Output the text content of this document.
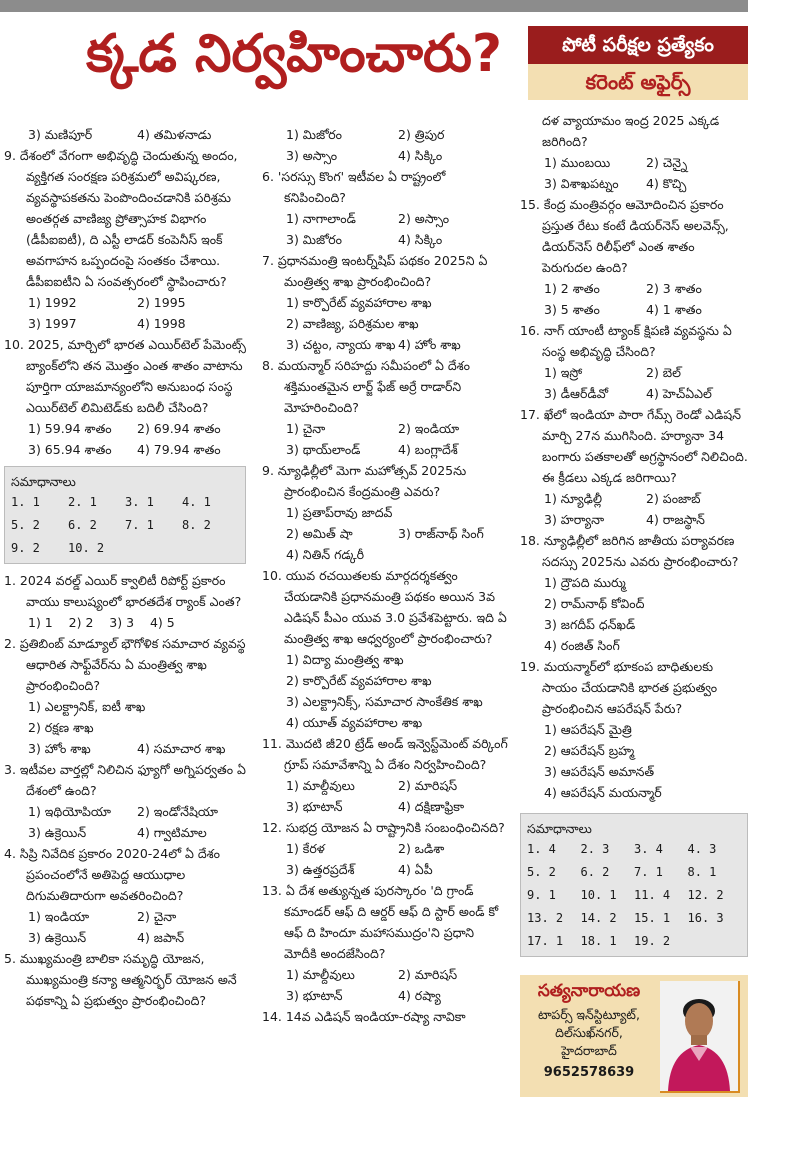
క్కడ నిర్వహించారు?	పోటీ పరీక్షల ప్రత్యేకం
కరెంట్ అఫైర్స్
3) మణిపూర్	4) తమిళనాడు
9. దేశంలో వేగంగా అభివృద్ధి చెందుతున్న అందం, వ్యక్తిగత సంరక్షణ పరిశ్రమలో అవిష్కరణ, వ్యవస్థాపకతను పెంపొందించడానికి పరిశ్రమ అంతర్గత వాణిజ్య ప్రోత్సాహక విభాగం (డీపీఐఐటీ), ది ఎస్టీ లాడర్ కంపెనీస్ ఇంక్ అవగాహన ఒప్పందంపై సంతకం చేశాయి. డీపీఐఐటీని ఏ సంవత్సరంలో స్థాపించారు?
1) 1992	2) 1995
3) 1997	4) 1998
10. 2025, మార్చిలో భారత ఎయిర్‌టెల్ పేమెంట్స్ బ్యాంక్‌లోని తన మొత్తం ఎంత శాతం వాటాను పూర్తిగా యాజమాన్యంలోని అనుబంధ సంస్థ ఎయిర్‌టెల్ లిమిటెడ్‌కు బదిలీ చేసింది?
1) 59.94 శాతం	2) 69.94 శాతం
3) 65.94 శాతం	4) 79.94 శాతం
సమాధానాలు
1. 1	2. 1	3. 1	4. 1
5. 2	6. 2	7. 1	8. 2
9. 2	10. 2
1. 2024 వరల్డ్ ఎయిర్ క్వాలిటీ రిపోర్ట్ ప్రకారం వాయు కాలుష్యంలో భారతదేశ ర్యాంక్ ఎంత?
1) 1    2) 2    3) 3    4) 5
2. ప్రతిబింబ్ మాడ్యూల్ భౌగోళిక సమాచార వ్యవస్థ ఆధారిత సాఫ్ట్‌వేర్‌ను ఏ మంత్రిత్వ శాఖ ప్రారంభించింది?
1) ఎలక్ట్రానిక్, ఐటీ శాఖ
2) రక్షణ శాఖ
3) హోం శాఖ	4) సమాచార శాఖ
3. ఇటీవల వార్తల్లో నిలిచిన ఫ్యూగో అగ్నిపర్వతం ఏ దేశంలో ఉంది?
1) ఇథియోపియా	2) ఇండోనేషియా
3) ఉక్రెయిన్	4) గ్వాటిమాల
4. సిప్రి నివేదిక ప్రకారం 2020-24లో ఏ దేశం ప్రపంచంలోనే అతిపెద్ద ఆయుధాల దిగుమతిదారుగా అవతరించింది?
1) ఇండియా	2) చైనా
3) ఉక్రెయిన్	4) జపాన్
5. ముఖ్యమంత్రి బాలికా సమృద్ధి యోజన, ముఖ్యమంత్రి కన్యా ఆత్మనిర్భర్ యోజన అనే పథకాన్ని ఏ ప్రభుత్వం ప్రారంభించింది?
1) మిజోరం	2) త్రిపుర
3) అస్సాం	4) సిక్కిం
6. 'సరస్సు కొంగ' ఇటీవల ఏ రాష్ట్రంలో కనిపించింది?
1) నాగాలాండ్	2) అస్సాం
3) మిజోరం	4) సిక్కిం
7. ప్రధానమంత్రి ఇంటర్న్‌షిప్ పథకం 2025ని ఏ మంత్రిత్వ శాఖ ప్రారంభించింది?
1) కార్పొరేట్ వ్యవహారాల శాఖ
2) వాణిజ్య, పరిశ్రమల శాఖ
3) చట్టం, న్యాయ శాఖ 4) హోం శాఖ
8. మయన్మార్ సరిహద్దు సమీపంలో ఏ దేశం శక్తిమంతమైన లార్జ్ ఫేజ్ అర్రే రాడార్‌ని మోహరించింది?
1) చైనా	2) ఇండియా
3) థాయ్‌లాండ్	4) బంగ్లాదేశ్
9. న్యూఢిల్లీలో మెగా మహోత్సవ్ 2025ను ప్రారంభించిన కేంద్రమంత్రి ఎవరు?
1) ప్రతాప్‌రావు జాదవ్
2) అమిత్ షా	3) రాజ్‌నాథ్ సింగ్
4) నితిన్ గడ్కరీ
10. యువ రచయితలకు మార్గదర్శకత్వం చేయడానికి ప్రధానమంత్రి పథకం అయిన 3వ ఎడిషన్ పీఎం యువ 3.0 ప్రవేశపెట్టారు. ఇది ఏ మంత్రిత్వ శాఖ ఆధ్వర్యంలో ప్రారంభించారు?
1) విద్యా మంత్రిత్వ శాఖ
2) కార్పొరేట్ వ్యవహారాల శాఖ
3) ఎలక్ట్రానిక్స్, సమాచార సాంకేతిక శాఖ
4) యూత్ వ్యవహారాల శాఖ
11. మొదటి జీ20 ట్రేడ్ అండ్ ఇన్వెస్ట్‌మెంట్ వర్కింగ్ గ్రూప్ సమావేశాన్ని ఏ దేశం నిర్వహించింది?
1) మాల్దీవులు	2) మారిషస్
3) భూటాన్	4) దక్షిణాఫ్రికా
12. సుభద్ర యోజన ఏ రాష్ట్రానికి సంబంధించినది?
1) కేరళ	2) ఒడిశా
3) ఉత్తరప్రదేశ్	4) ఏపీ
13. ఏ దేశ అత్యున్నత పురస్కారం 'ది గ్రాండ్ కమాండర్ ఆఫ్ ది ఆర్డర్ ఆఫ్ ది స్టార్ అండ్ కో ఆఫ్ ది హిందూ మహాసముద్రం'ని ప్రధాని మోదీకి అందజేసింది?
1) మాల్దీవులు	2) మారిషస్
3) భూటాన్	4) రష్యా
14. 14వ ఎడిషన్ ఇండియా-రష్యా నావికా
దళ వ్యాయామం ఇంద్ర 2025 ఎక్కడ జరిగింది?
1) ముంబయి	2) చెన్నై
3) విశాఖపట్నం	4) కొచ్చి
15. కేంద్ర మంత్రివర్గం ఆమోదించిన ప్రకారం ప్రస్తుత రేటు కంటే డియర్‌నెస్ అలవెన్స్, డియర్‌నెస్ రిలీఫ్‌లో ఎంత శాతం పెరుగుదల ఉంది?
1) 2 శాతం	2) 3 శాతం
3) 5 శాతం	4) 1 శాతం
16. నాగ్ యాంటీ ట్యాంక్ క్షిపణి వ్యవస్థను ఏ సంస్థ అభివృద్ధి చేసింది?
1) ఇస్రో	2) బెల్
3) డీఆర్‌డీవో	4) హెచ్ఏఎల్
17. ఖేలో ఇండియా పారా గేమ్స్ రెండో ఎడిషన్ మార్చి 27న ముగిసింది. హర్యానా 34 బంగారు పతకాలతో అగ్రస్థానంలో నిలిచింది. ఈ క్రీడలు ఎక్కడ జరిగాయి?
1) న్యూఢిల్లీ	2) పంజాబ్
3) హర్యానా	4) రాజస్థాన్
18. న్యూఢిల్లీలో జరిగిన జాతీయ పర్యావరణ సదస్సు 2025ను ఎవరు ప్రారంభించారు?
1) ద్రౌపది ముర్ము
2) రామ్‌నాథ్ కోవింద్
3) జగదీప్ ధన్‌ఖడ్
4) రంజిత్ సింగ్
19. మయన్మార్‌లో భూకంప బాధితులకు సాయం చేయడానికి భారత ప్రభుత్వం ప్రారంభించిన ఆపరేషన్ పేరు?
1) ఆపరేషన్ మైత్రి
2) ఆపరేషన్ బ్రహ్మ
3) ఆపరేషన్ అమానత్
4) ఆపరేషన్ మయన్మార్
సమాధానాలు
1. 4	2. 3	3. 4	4. 3
5. 2	6. 2	7. 1	8. 1
9. 1	10. 1	11. 4	12. 2
13. 2	14. 2	15. 1	16. 3
17. 1	18. 1	19. 2
సత్యనారాయణ
టాపర్స్ ఇన్‌స్టిట్యూట్,
దిల్‌సుఖ్‌నగర్,
హైదరాబాద్
9652578639
